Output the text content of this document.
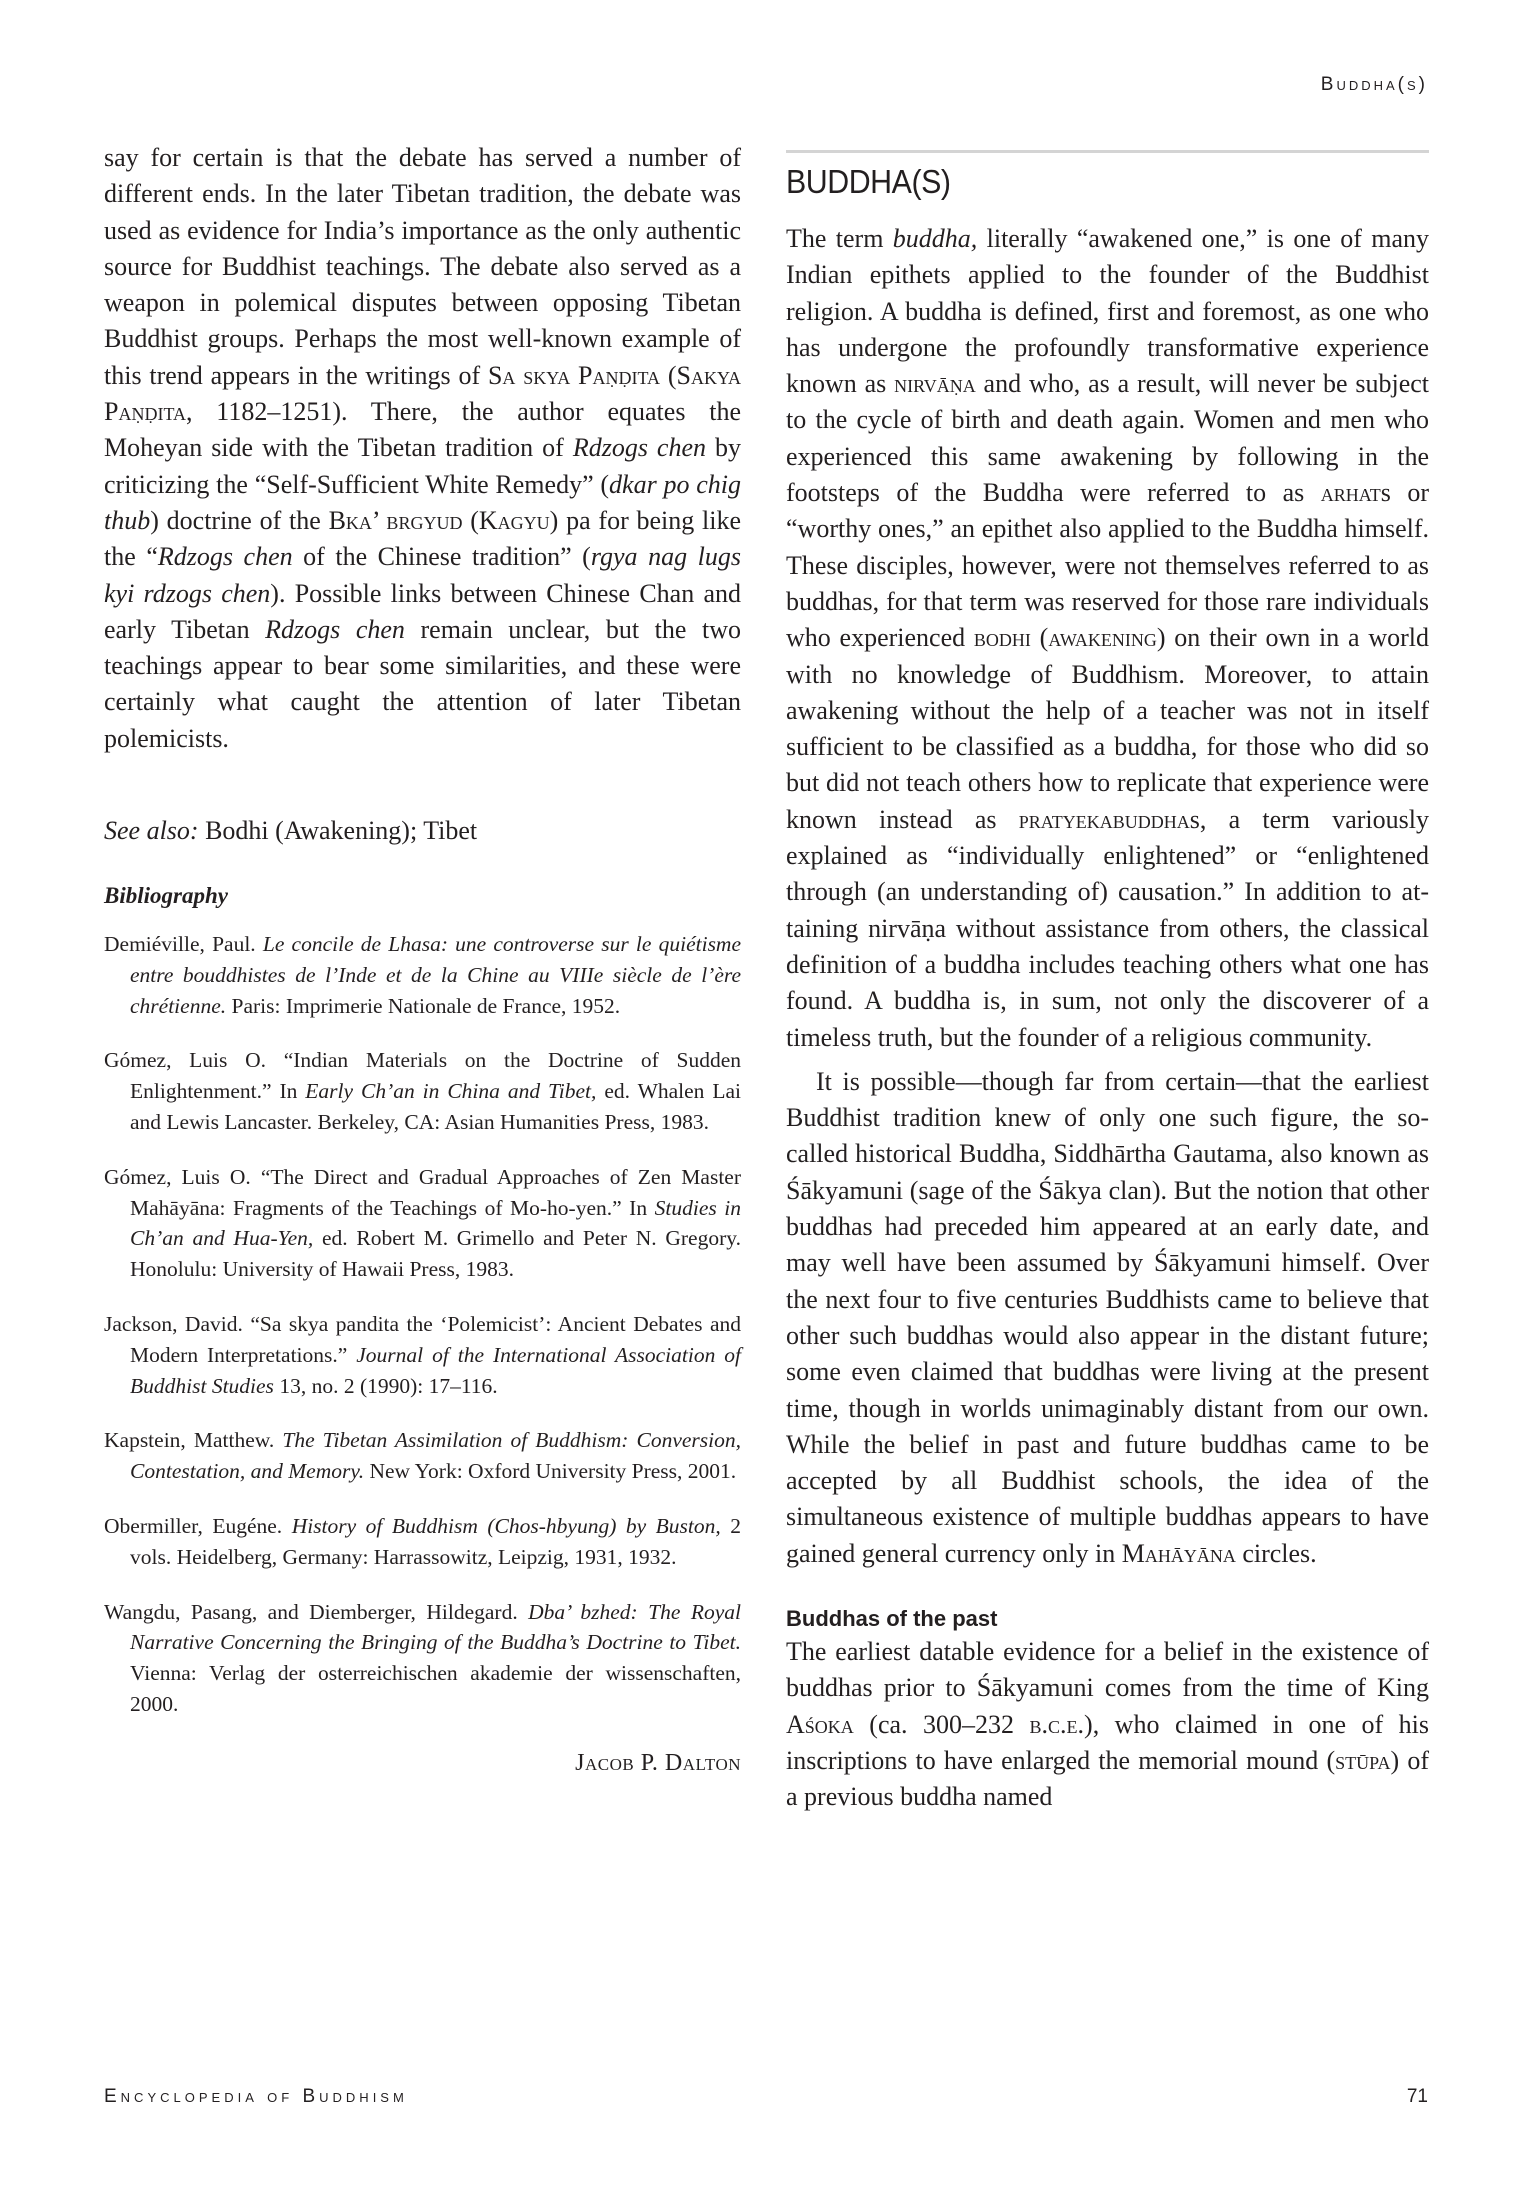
Buddha(s)

say for certain is that the debate has served a number of different ends. In the later Tibetan tradition, the debate was used as evidence for India’s importance as the only authentic source for Buddhist teachings. The debate also served as a weapon in polemical disputes between opposing Tibetan Buddhist groups. Perhaps the most well-known example of this trend appears in the writings of Sa skya Paṇḍita (Sakya Paṇḍita, 1182–1251). There, the author equates the Moheyan side with the Tibetan tradition of Rdzogs chen by criticizing the “Self-Sufficient White Remedy” (dkar po chig thub) doctrine of the Bka’ brgyud (Kagyu) pa for being like the “Rdzogs chen of the Chinese tradition” (rgya nag lugs kyi rdzogs chen). Possible links between Chinese Chan and early Tibetan Rdzogs chen remain unclear, but the two teachings appear to bear some similarities, and these were certainly what caught the attention of later Tibetan polemicists.

See also: Bodhi (Awakening); Tibet
Bibliography

Demiéville, Paul. Le concile de Lhasa: une controverse sur le quiétisme entre bouddhistes de l’Inde et de la Chine au VIIIe siècle de l’ère chrétienne. Paris: Imprimerie Nationale de France, 1952.

Gómez, Luis O. “Indian Materials on the Doctrine of Sudden Enlightenment.” In Early Ch’an in China and Tibet, ed. Whalen Lai and Lewis Lancaster. Berkeley, CA: Asian Humanities Press, 1983.

Gómez, Luis O. “The Direct and Gradual Approaches of Zen Master Mahāyāna: Fragments of the Teachings of Mo-ho-yen.” In Studies in Ch’an and Hua-Yen, ed. Robert M. Grimello and Peter N. Gregory. Honolulu: University of Hawaii Press, 1983.

Jackson, David. “Sa skya pandita the ‘Polemicist’: Ancient Debates and Modern Interpretations.” Journal of the International Association of Buddhist Studies 13, no. 2 (1990): 17–116.

Kapstein, Matthew. The Tibetan Assimilation of Buddhism: Conversion, Contestation, and Memory. New York: Oxford University Press, 2001.

Obermiller, Eugéne. History of Buddhism (Chos-hbyung) by Buston, 2 vols. Heidelberg, Germany: Harrassowitz, Leipzig, 1931, 1932.

Wangdu, Pasang, and Diemberger, Hildegard. Dba’ bzhed: The Royal Narrative Concerning the Bringing of the Buddha’s Doctrine to Tibet. Vienna: Verlag der osterreichischen akademie der wissenschaften, 2000.

Jacob P. Dalton
BUDDHA(S)

The term buddha, literally “awakened one,” is one of many Indian epithets applied to the founder of the Buddhist religion. A buddha is defined, first and foremost, as one who has undergone the profoundly transformative experience known as nirvāṇa and who, as a result, will never be subject to the cycle of birth and death again. Women and men who experienced this same awakening by following in the footsteps of the Buddha were referred to as arhats or “worthy ones,” an epithet also applied to the Buddha himself. These disciples, however, were not themselves referred to as buddhas, for that term was reserved for those rare individuals who experienced bodhi (awakening) on their own in a world with no knowledge of Buddhism. Moreover, to attain awakening without the help of a teacher was not in itself sufficient to be classified as a buddha, for those who did so but did not teach others how to replicate that experience were known instead as pratyekabuddhas, a term variously explained as “individually enlightened” or “enlightened through (an understanding of) causation.” In addition to attaining nirvāṇa without assistance from others, the classical definition of a buddha includes teaching others what one has found. A buddha is, in sum, not only the discoverer of a timeless truth, but the founder of a religious community.

It is possible—though far from certain—that the earliest Buddhist tradition knew of only one such figure, the so-called historical Buddha, Siddhārtha Gautama, also known as Śākyamuni (sage of the Śākya clan). But the notion that other buddhas had preceded him appeared at an early date, and may well have been assumed by Śākyamuni himself. Over the next four to five centuries Buddhists came to believe that other such buddhas would also appear in the distant future; some even claimed that buddhas were living at the present time, though in worlds unimaginably distant from our own. While the belief in past and future buddhas came to be accepted by all Buddhist schools, the idea of the simultaneous existence of multiple buddhas appears to have gained general currency only in Mahāyāna circles.

Buddhas of the past

The earliest datable evidence for a belief in the existence of buddhas prior to Śākyamuni comes from the time of King Aśoka (ca. 300–232 b.c.e.), who claimed in one of his inscriptions to have enlarged the memorial mound (stūpa) of a previous buddha named

Encyclopedia of Buddhism	71
